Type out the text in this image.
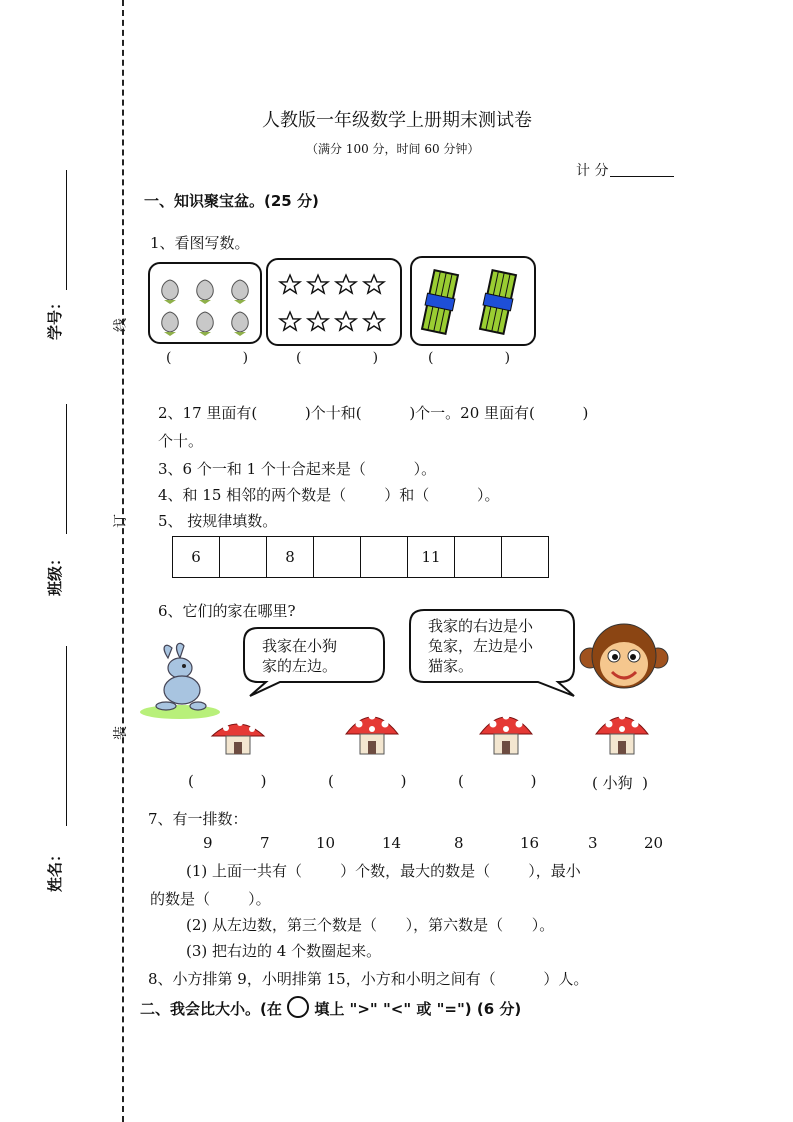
学号：
班级：
姓名：
线
订
装
人教版一年级数学上册期末测试卷
（满分 100 分，时间 60 分钟）
计 分
一、知识聚宝盆。(25 分)
1、看图写数。
(                )	(                )	(                )
2、17 里面有(          )个十和(          )个一。20 里面有(          )
个十。
3、6 个一和 1 个十合起来是（          ）。
4、和 15 相邻的两个数是（        ）和（          ）。
5、 按规律填数。
6		8			11		
6、它们的家在哪里?
我家在小狗
家的左边。
我家的右边是小
兔家，左边是小
猫家。
(              )	(              )	(              )	( 小狗  )
7、有一排数：
9	7	10	14	8	16	3	20
(1) 上面一共有（        ）个数，最大的数是（        ），最小
的数是（        ）。
(2) 从左边数，第三个数是（      ），第六数是（      ）。
(3) 把右边的 4 个数圈起来。
8、小方排第 9，小明排第 15，小方和小明之间有（          ）人。
二、我会比大小。(在 填上 ">" "<" 或 "=") (6 分)
